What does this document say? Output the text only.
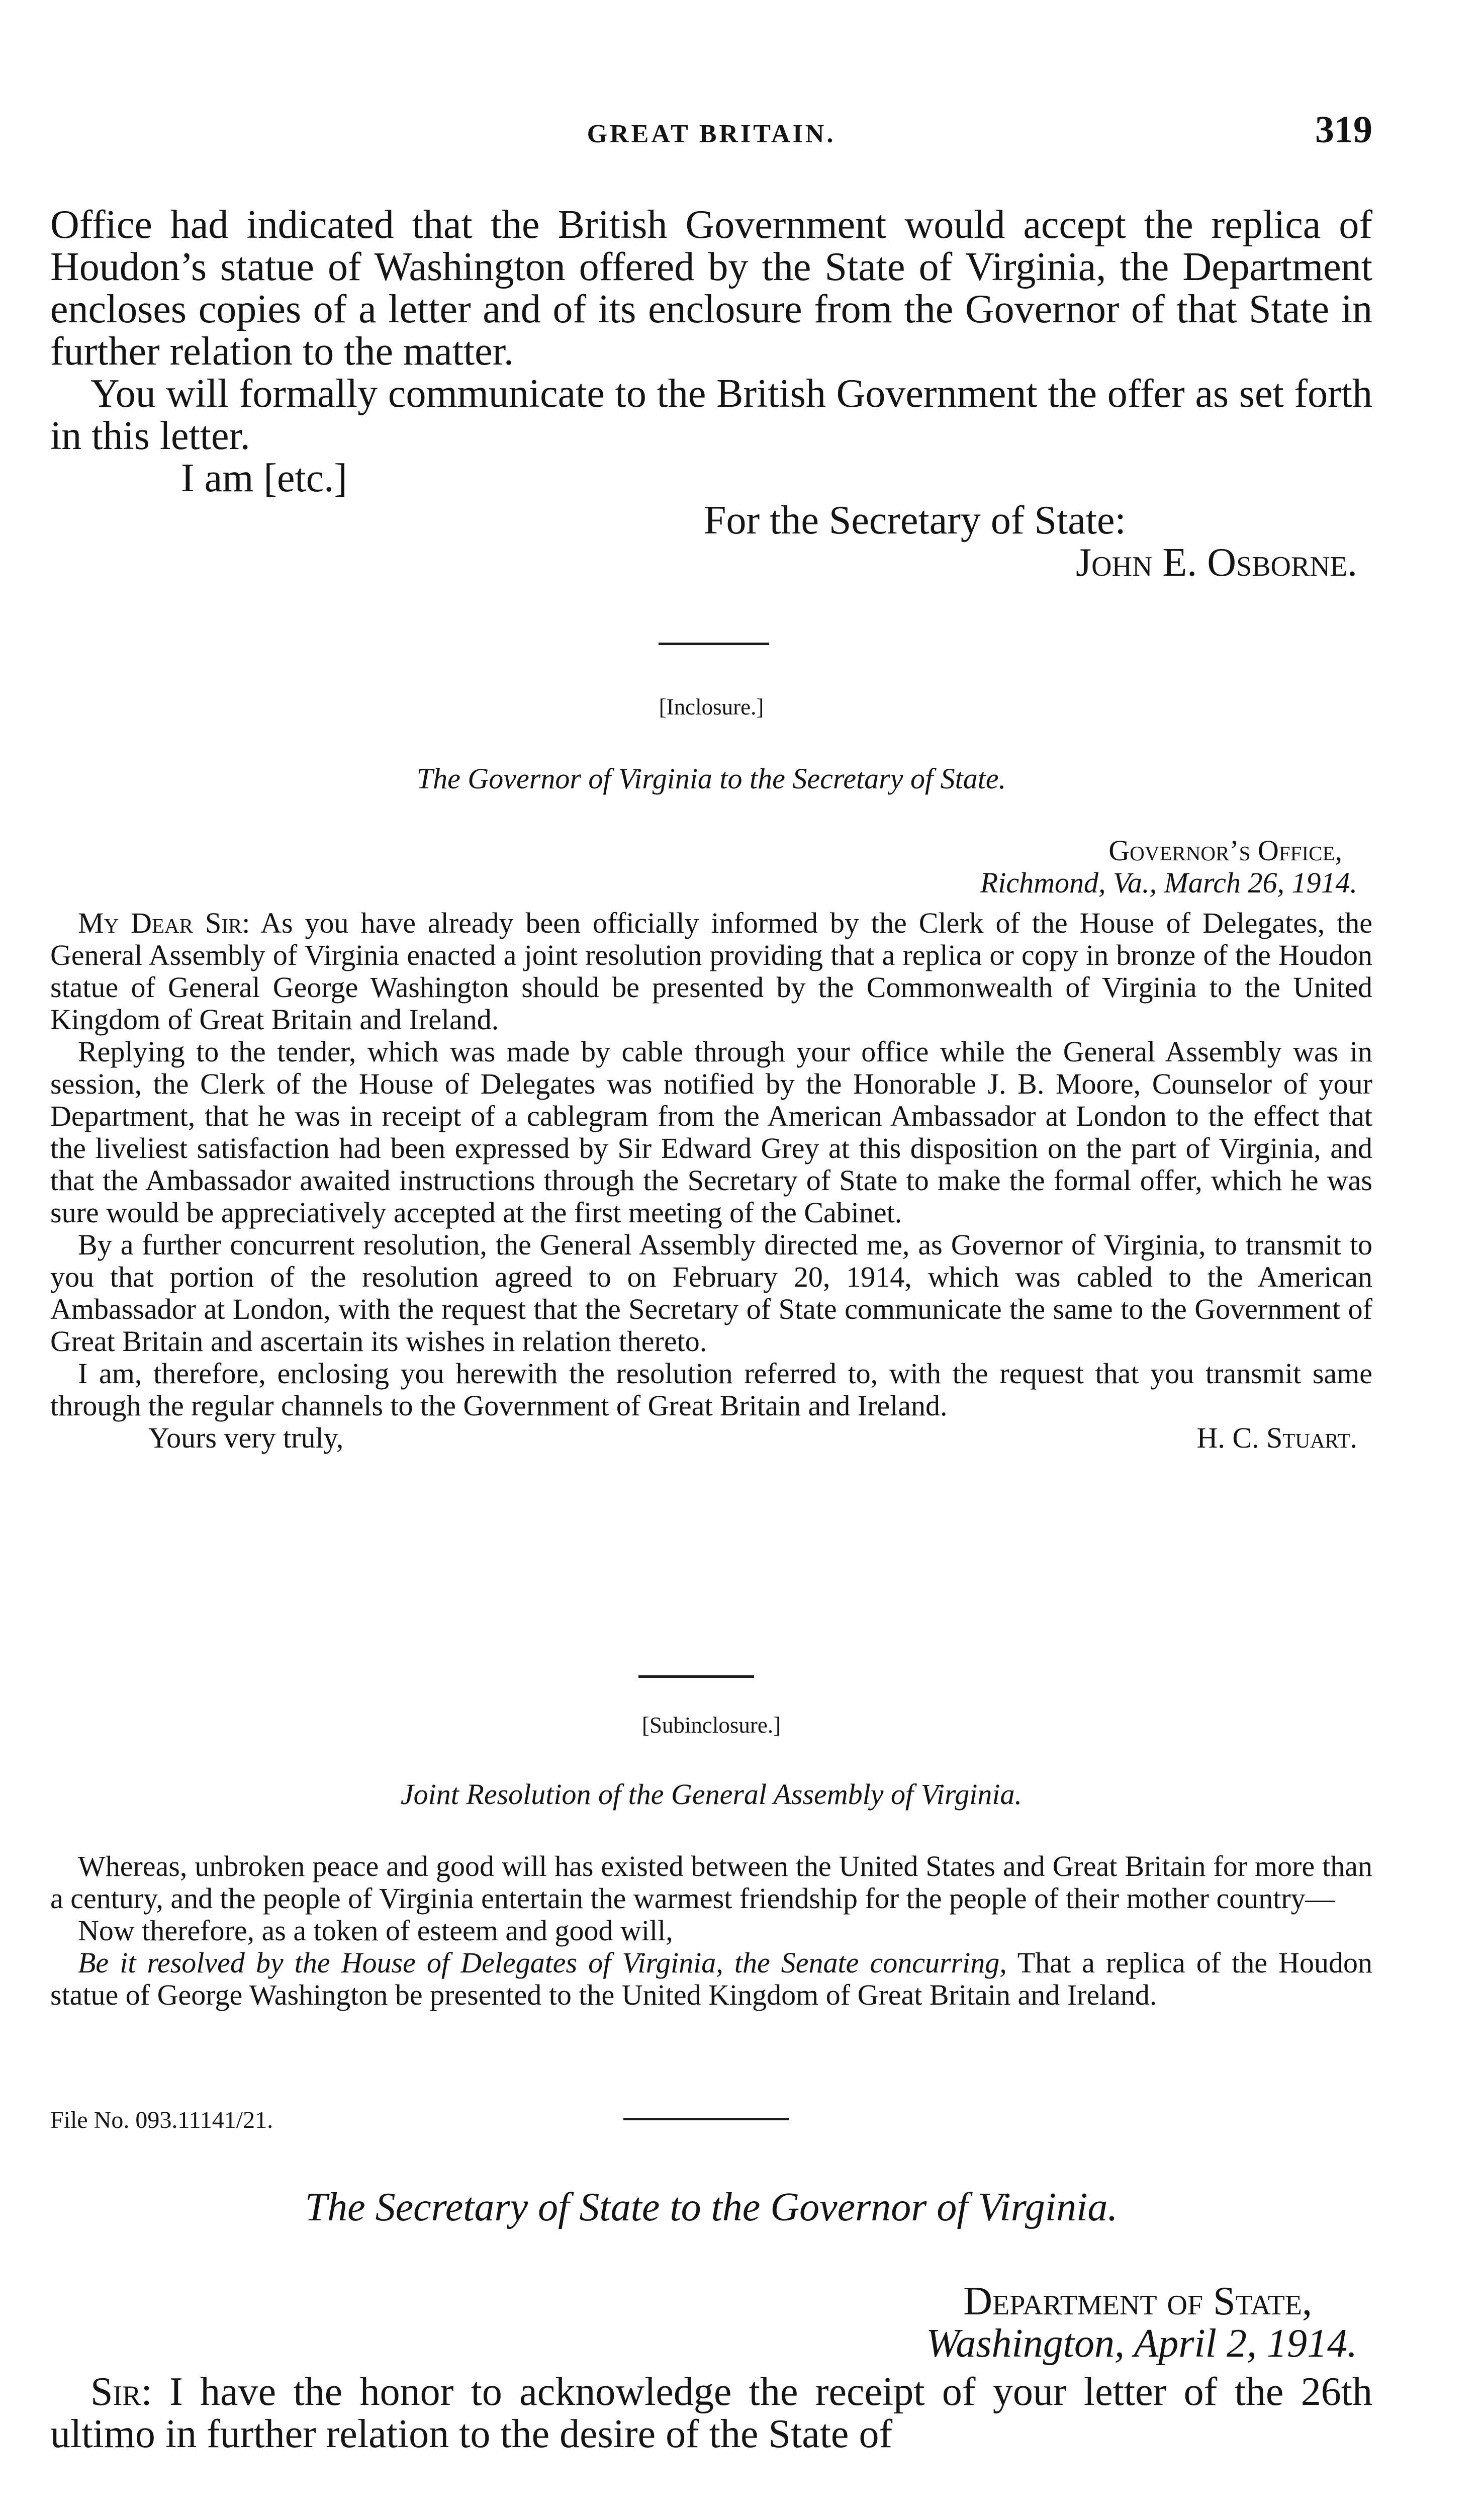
GREAT BRITAIN.	319

Office had indicated that the British Government would accept the replica of Houdon’s statue of Washington offered by the State of Virginia, the Department encloses copies of a letter and of its enclosure from the Governor of that State in further relation to the matter.

You will formally communicate to the British Government the offer as set forth in this letter.

I am [etc.]

For the Secretary of State:
John E. Osborne.
[Inclosure.]
The Governor of Virginia to the Secretary of State.
Governor’s Office,
Richmond, Va., March 26, 1914.

My Dear Sir: As you have already been officially informed by the Clerk of the House of Delegates, the General Assembly of Virginia enacted a joint resolution providing that a replica or copy in bronze of the Houdon statue of General George Washington should be presented by the Commonwealth of Virginia to the United Kingdom of Great Britain and Ireland.

Replying to the tender, which was made by cable through your office while the General Assembly was in session, the Clerk of the House of Delegates was notified by the Honorable J. B. Moore, Counselor of your Department, that he was in receipt of a cablegram from the American Ambassador at London to the effect that the liveliest satisfaction had been expressed by Sir Edward Grey at this disposition on the part of Virginia, and that the Ambassador awaited instructions through the Secretary of State to make the formal offer, which he was sure would be appreciatively accepted at the first meeting of the Cabinet.

By a further concurrent resolution, the General Assembly directed me, as Governor of Virginia, to transmit to you that portion of the resolution agreed to on February 20, 1914, which was cabled to the American Ambassador at London, with the request that the Secretary of State communicate the same to the Government of Great Britain and ascertain its wishes in relation thereto.

I am, therefore, enclosing you herewith the resolution referred to, with the request that you transmit same through the regular channels to the Government of Great Britain and Ireland.

Yours very truly,	H. C. Stuart.
[Subinclosure.]
Joint Resolution of the General Assembly of Virginia.

Whereas, unbroken peace and good will has existed between the United States and Great Britain for more than a century, and the people of Virginia entertain the warmest friendship for the people of their mother country—

Now therefore, as a token of esteem and good will,

Be it resolved by the House of Delegates of Virginia, the Senate concurring, That a replica of the Houdon statue of George Washington be presented to the United Kingdom of Great Britain and Ireland.

File No. 093.11141/21.
The Secretary of State to the Governor of Virginia.
Department of State,
Washington, April 2, 1914.

Sir: I have the honor to acknowledge the receipt of your letter of the 26th ultimo in further relation to the desire of the State of
